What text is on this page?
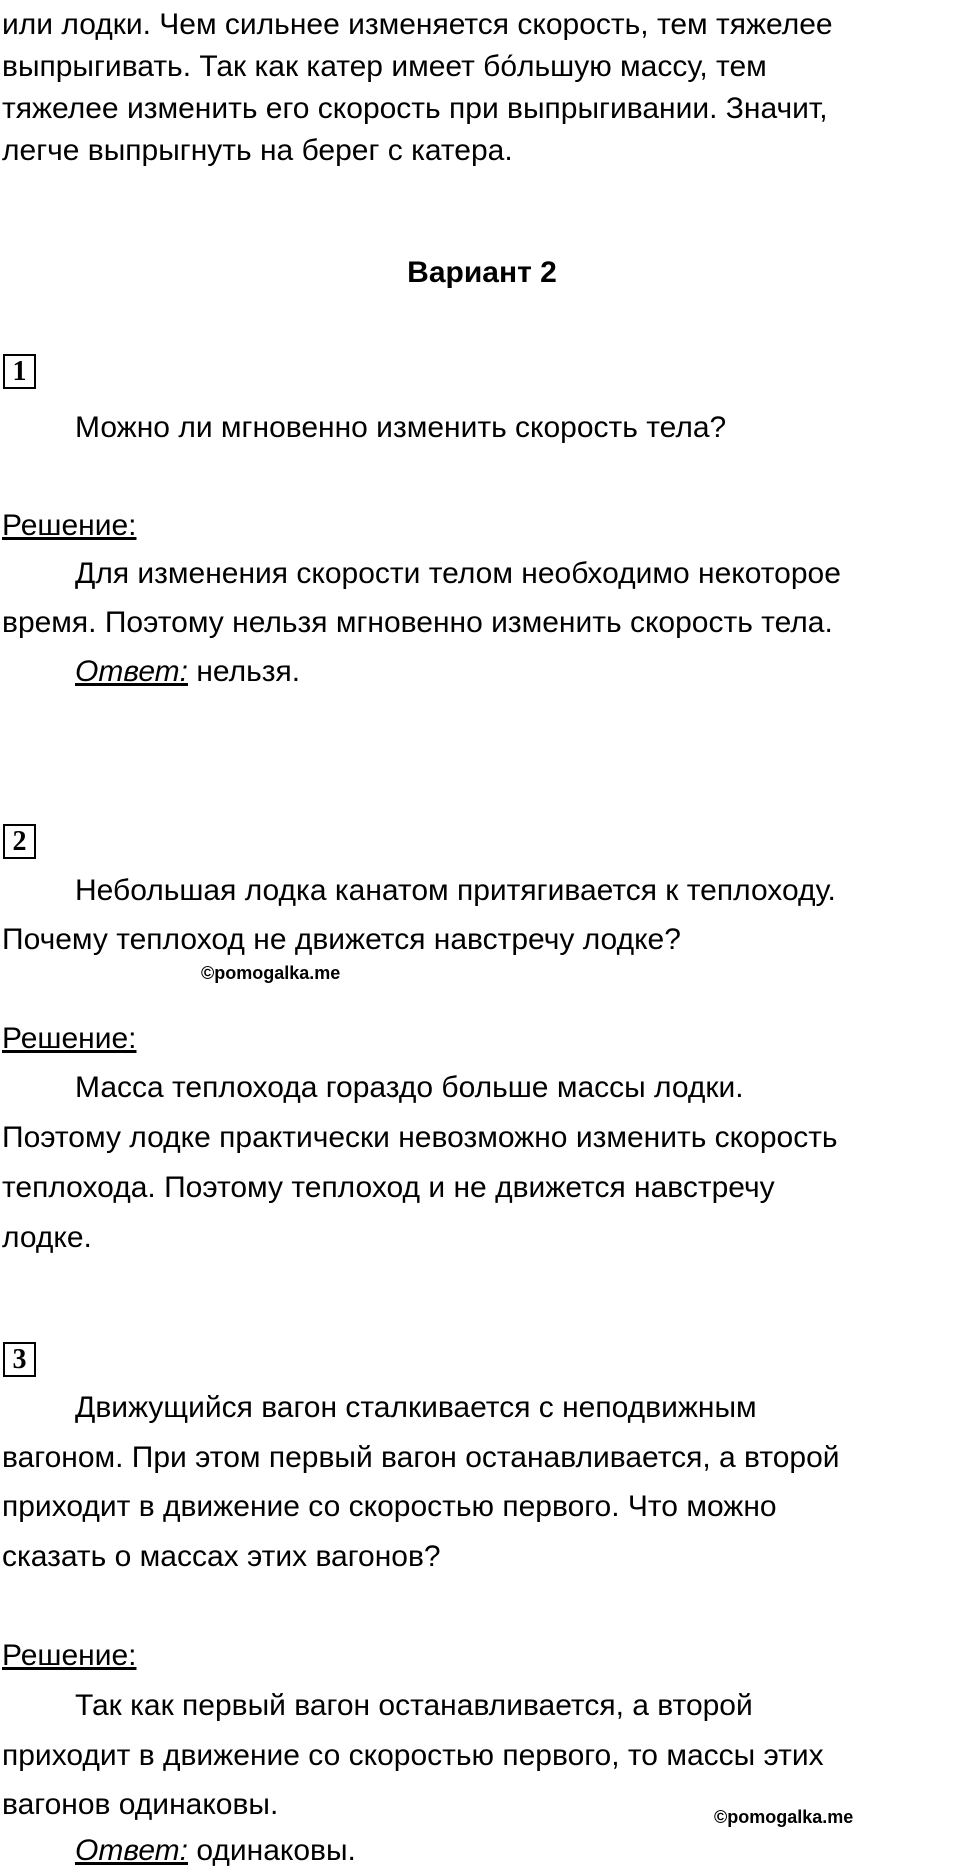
или лодки. Чем сильнее изменяется скорость, тем тяжелее
выпрыгивать. Так как катер имеет бо́льшую массу, тем
тяжелее изменить его скорость при выпрыгивании. Значит,
легче выпрыгнуть на берег с катера.
Вариант 2
1
Можно ли мгновенно изменить скорость тела?
Решение:
Для изменения скорости телом необходимо некоторое
время. Поэтому нельзя мгновенно изменить скорость тела.
Ответ: нельзя.
2
Небольшая лодка канатом притягивается к теплоходу.
Почему теплоход не движется навстречу лодке?
©pomogalka.me
Решение:
Масса теплохода гораздо больше массы лодки.
Поэтому лодке практически невозможно изменить скорость
теплохода. Поэтому теплоход и не движется навстречу
лодке.
3
Движущийся вагон сталкивается с неподвижным
вагоном. При этом первый вагон останавливается, а второй
приходит в движение со скоростью первого. Что можно
сказать о массах этих вагонов?
Решение:
Так как первый вагон останавливается, а второй
приходит в движение со скоростью первого, то массы этих
вагонов одинаковы.	©pomogalka.me
Ответ: одинаковы.
